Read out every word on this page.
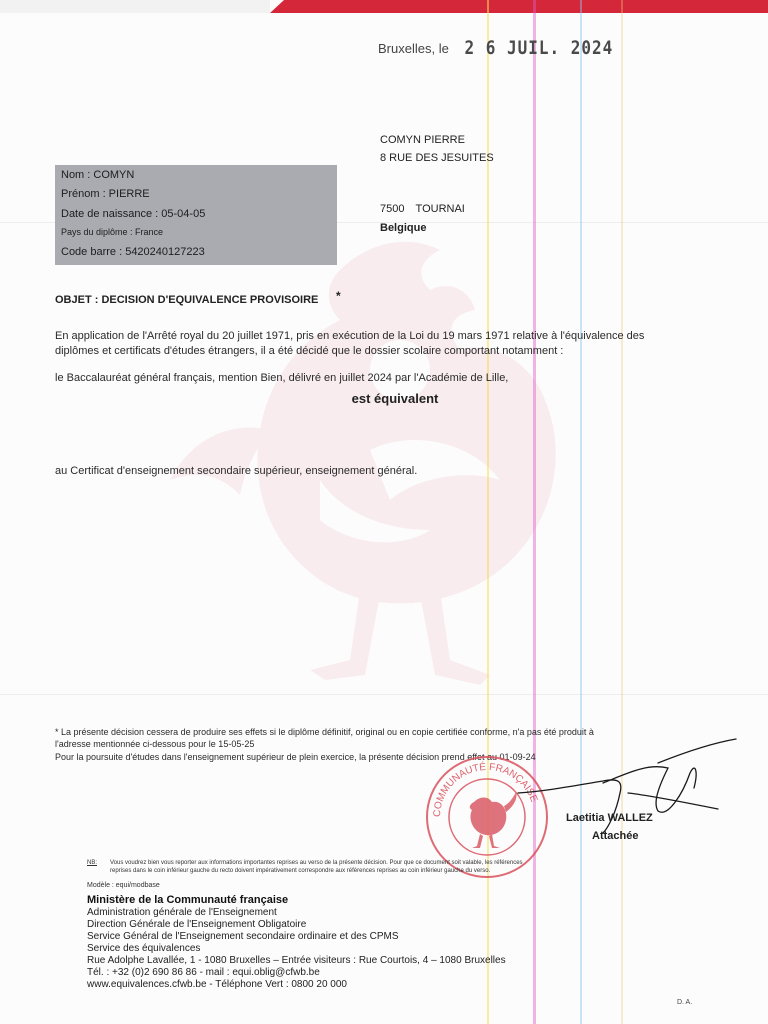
Bruxelles, le 2 6 JUIL. 2024
COMYN PIERRE
8 RUE DES JESUITES
7500 TOURNAI
Belgique
Nom : COMYN
Prénom : PIERRE
Date de naissance : 05-04-05
Pays du diplôme : France
Code barre : 5420240127223
OBJET : DECISION D'EQUIVALENCE PROVISOIRE *
En application de l'Arrêté royal du 20 juillet 1971, pris en exécution de la Loi du 19 mars 1971 relative à l'équivalence des
diplômes et certificats d'études étrangers, il a été décidé que le dossier scolaire comportant notamment :
le Baccalauréat général français, mention Bien, délivré en juillet 2024 par l'Académie de Lille,
est équivalent
au Certificat d'enseignement secondaire supérieur, enseignement général.
* La présente décision cessera de produire ses effets si le diplôme définitif, original ou en copie certifiée conforme, n'a pas été produit à
l'adresse mentionnée ci-dessous pour le 15-05-25
Pour la poursuite d'études dans l'enseignement supérieur de plein exercice, la présente décision prend effet au 01-09-24
COMMUNAUTÉ FRANÇAISE
Laetitia WALLEZ
Attachée
NB: Vous voudrez bien vous reporter aux informations importantes reprises au verso de la présente décision. Pour que ce document soit valable, les références
reprises dans le coin inférieur gauche du recto doivent impérativement correspondre aux références reprises au coin inférieur gauche du verso.
Modèle : equi/modbase
Ministère de la Communauté française
Administration générale de l'Enseignement
Direction Générale de l'Enseignement Obligatoire
Service Général de l'Enseignement secondaire ordinaire et des CPMS
Service des équivalences
Rue Adolphe Lavallée, 1 - 1080 Bruxelles – Entrée visiteurs : Rue Courtois, 4 – 1080 Bruxelles
Tél. : +32 (0)2 690 86 86 - mail : equi.oblig@cfwb.be
www.equivalences.cfwb.be - Téléphone Vert : 0800 20 000
D. A.
